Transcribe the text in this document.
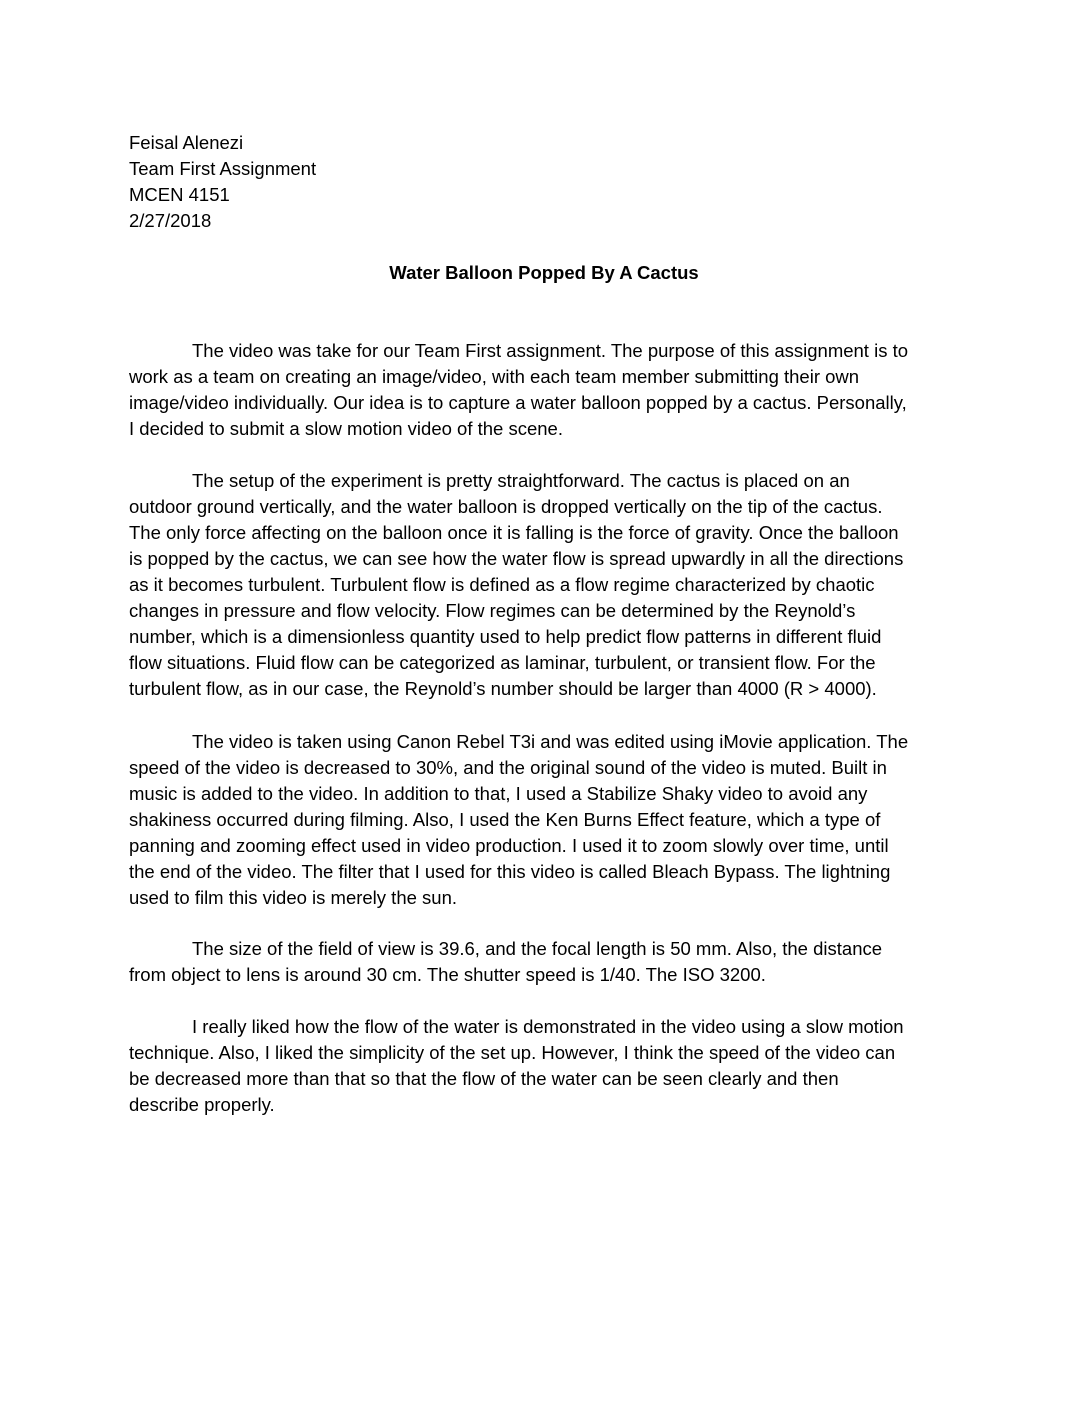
Feisal Alenezi
Team First Assignment
MCEN 4151
2/27/2018
Water Balloon Popped By A Cactus
The video was take for our Team First assignment. The purpose of this assignment is to
work as a team on creating an image/video, with each team member submitting their own
image/video individually. Our idea is to capture a water balloon popped by a cactus. Personally,
I decided to submit a slow motion video of the scene.
The setup of the experiment is pretty straightforward. The cactus is placed on an
outdoor ground vertically, and the water balloon is dropped vertically on the tip of the cactus.
The only force affecting on the balloon once it is falling is the force of gravity. Once the balloon
is popped by the cactus, we can see how the water flow is spread upwardly in all the directions
as it becomes turbulent. Turbulent flow is defined as a flow regime characterized by chaotic
changes in pressure and flow velocity. Flow regimes can be determined by the Reynold’s
number, which is a dimensionless quantity used to help predict flow patterns in different fluid
flow situations. Fluid flow can be categorized as laminar, turbulent, or transient flow. For the
turbulent flow, as in our case, the Reynold’s number should be larger than 4000 (R > 4000).
The video is taken using Canon Rebel T3i and was edited using iMovie application. The
speed of the video is decreased to 30%, and the original sound of the video is muted. Built in
music is added to the video. In addition to that, I used a Stabilize Shaky video to avoid any
shakiness occurred during filming. Also, I used the Ken Burns Effect feature, which a type of
panning and zooming effect used in video production. I used it to zoom slowly over time, until
the end of the video. The filter that I used for this video is called Bleach Bypass. The lightning
used to film this video is merely the sun.
The size of the field of view is 39.6, and the focal length is 50 mm. Also, the distance
from object to lens is around 30 cm. The shutter speed is 1/40. The ISO 3200.
I really liked how the flow of the water is demonstrated in the video using a slow motion
technique. Also, I liked the simplicity of the set up. However, I think the speed of the video can
be decreased more than that so that the flow of the water can be seen clearly and then
describe properly.
